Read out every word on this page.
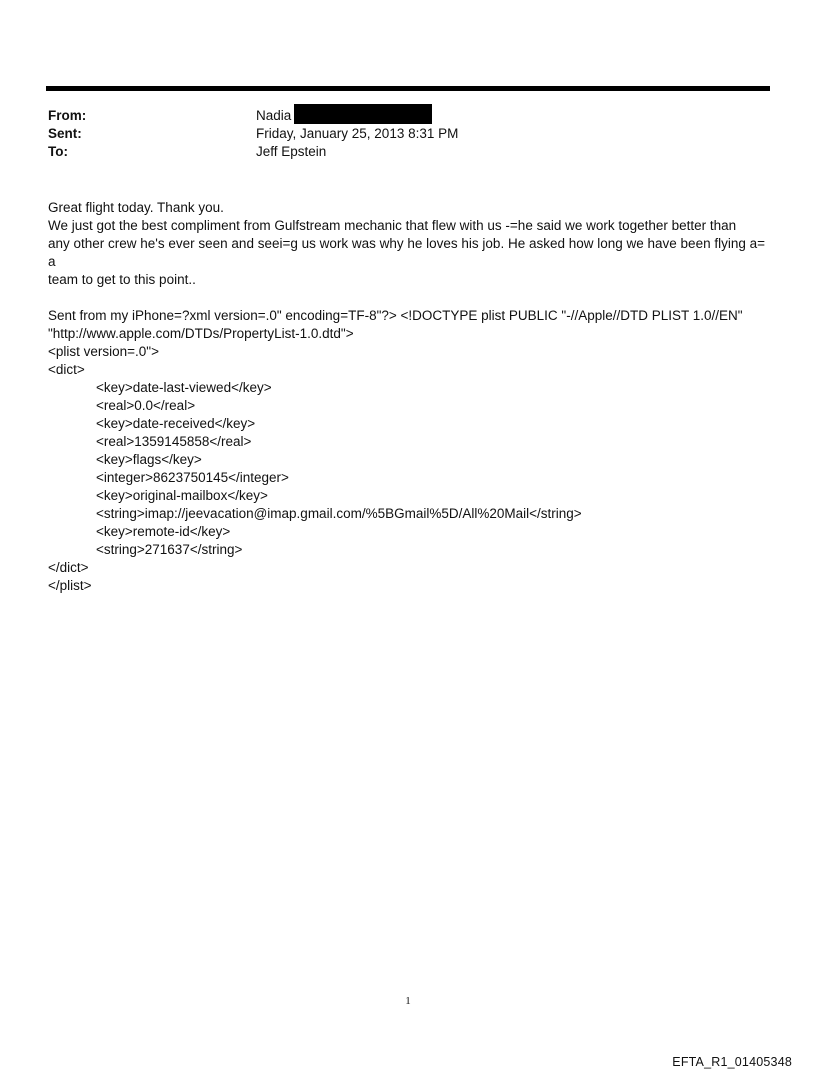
From:	Nadia
Sent:	Friday, January 25, 2013 8:31 PM
To:	Jeff Epstein

Great flight today. Thank you.

We just got the best compliment from Gulfstream mechanic that flew with us -=he said we work together better than

any other crew he's ever seen and seei=g us work was why he loves his job. He asked how long we have been flying a= a

team to get to this point..

Sent from my iPhone=?xml version=.0" encoding=TF-8"?> <!DOCTYPE plist PUBLIC "-//Apple//DTD PLIST 1.0//EN"

"http://www.apple.com/DTDs/PropertyList-1.0.dtd">

<plist version=.0">

<dict>

<key>date-last-viewed</key>

<real>0.0</real>

<key>date-received</key>

<real>1359145858</real>

<key>flags</key>

<integer>8623750145</integer>

<key>original-mailbox</key>

<string>imap://jeevacation@imap.gmail.com/%5BGmail%5D/All%20Mail</string>

<key>remote-id</key>

<string>271637</string>

</dict>

</plist>

1
EFTA_R1_01405348
